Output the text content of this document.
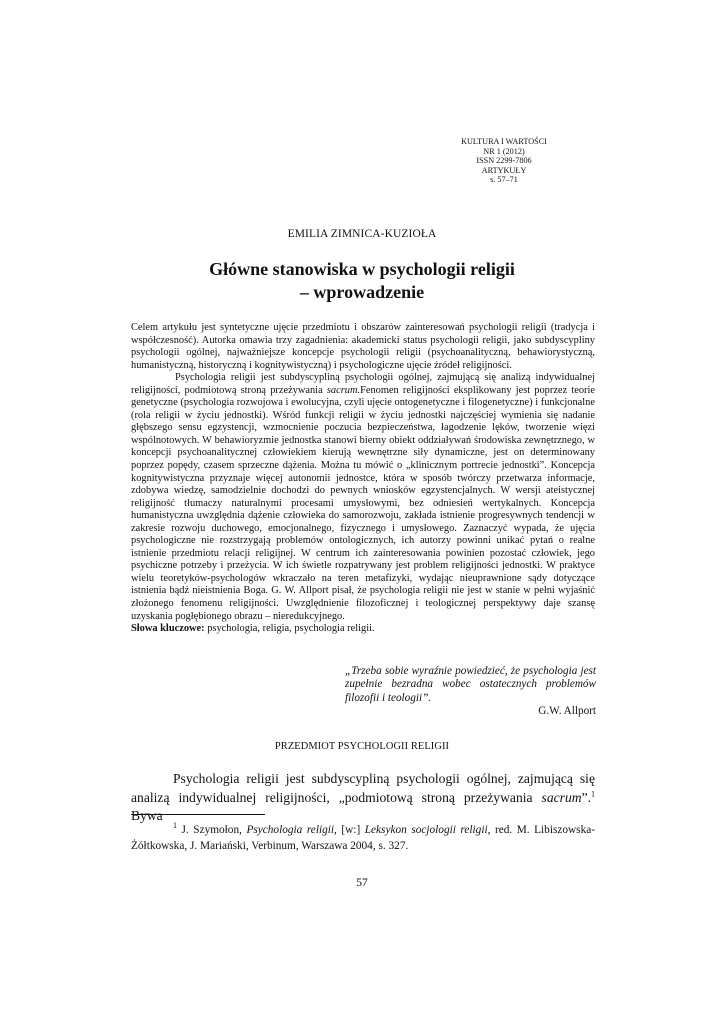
KULTURA I WARTOŚCI
NR 1 (2012)
ISSN 2299-7806
ARTYKUŁY
s. 57–71
EMILIA ZIMNICA-KUZIOŁA
Główne stanowiska w psychologii religii
– wprowadzenie

Celem artykułu jest syntetyczne ujęcie przedmiotu i obszarów zainteresowań psychologii religii (tradycja i współczesność). Autorka omawia trzy zagadnienia: akademicki status psychologii religii, jako subdyscypliny psychologii ogólnej, najważniejsze koncepcje psychologii religii (psychoanalityczną, behawiorystyczną, humanistyczną, historyczną i kognitywistyczną) i psychologiczne ujęcie źródeł religijności.

Psychologia religii jest subdyscypliną psychologii ogólnej, zajmującą się analizą indywidualnej religijności, podmiotową stroną przeżywania sacrum.Fenomen religijności eksplikowany jest poprzez teorie genetyczne (psychologia rozwojowa i ewolucyjna, czyli ujęcie ontogenetyczne i filogenetyczne) i funkcjonalne (rola religii w życiu jednostki). Wśród funkcji religii w życiu jednostki najczęściej wymienia się nadanie głębszego sensu egzystencji, wzmocnienie poczucia bezpieczeństwa, łagodzenie lęków, tworzenie więzi wspólnotowych. W behawioryzmie jednostka stanowi bierny obiekt oddziaływań środowiska zewnętrznego, w koncepcji psychoanalitycznej człowiekiem kierują wewnętrzne siły dynamiczne, jest on determinowany poprzez popędy, czasem sprzeczne dążenia. Można tu mówić o „klinicznym portrecie jednostki”. Koncepcja kognitywistyczna przyznaje więcej autonomii jednostce, która w sposób twórczy przetwarza informacje, zdobywa wiedzę, samodzielnie dochodzi do pewnych wniosków egzystencjalnych. W wersji ateistycznej religijność tłumaczy naturalnymi procesami umysłowymi, bez odniesień wertykalnych. Koncepcja humanistyczna uwzględnia dążenie człowieka do samorozwoju, zakłada istnienie progresywnych tendencji w zakresie rozwoju duchowego, emocjonalnego, fizycznego i umysłowego. Zaznaczyć wypada, że ujęcia psychologiczne nie rozstrzygają problemów ontologicznych, ich autorzy powinni unikać pytań o realne istnienie przedmiotu relacji religijnej. W centrum ich zainteresowania powinien pozostać człowiek, jego psychiczne potrzeby i przeżycia. W ich świetle rozpatrywany jest problem religijności jednostki. W praktyce wielu teoretyków-psychologów wkraczało na teren metafizyki, wydając nieuprawnione sądy dotyczące istnienia bądź nieistnienia Boga. G. W. Allport pisał, że psychologia religii nie jest w stanie w pełni wyjaśnić złożonego fenomenu religijności. Uwzględnienie filozoficznej i teologicznej perspektywy daje szansę uzyskania pogłębionego obrazu – nieredukcyjnego.

Słowa kluczowe: psychologia, religia, psychologia religii.

„Trzeba sobie wyraźnie powiedzieć, że psychologia jest zupełnie bezradna wobec ostatecznych problemów filozofii i teologii”.
G.W. Allport
PRZEDMIOT PSYCHOLOGII RELIGII

Psychologia religii jest subdyscypliną psychologii ogólnej, zajmującą się analizą indywidualnej religijności, „podmiotową stroną przeżywania sacrum”.$^1$ Bywa

$^1$ J. Szymołon, Psychologia religii, [w:] Leksykon socjologii religii, red. M. Libiszowska-Żółtkowska, J. Mariański, Verbinum, Warszawa 2004, s. 327.

57
